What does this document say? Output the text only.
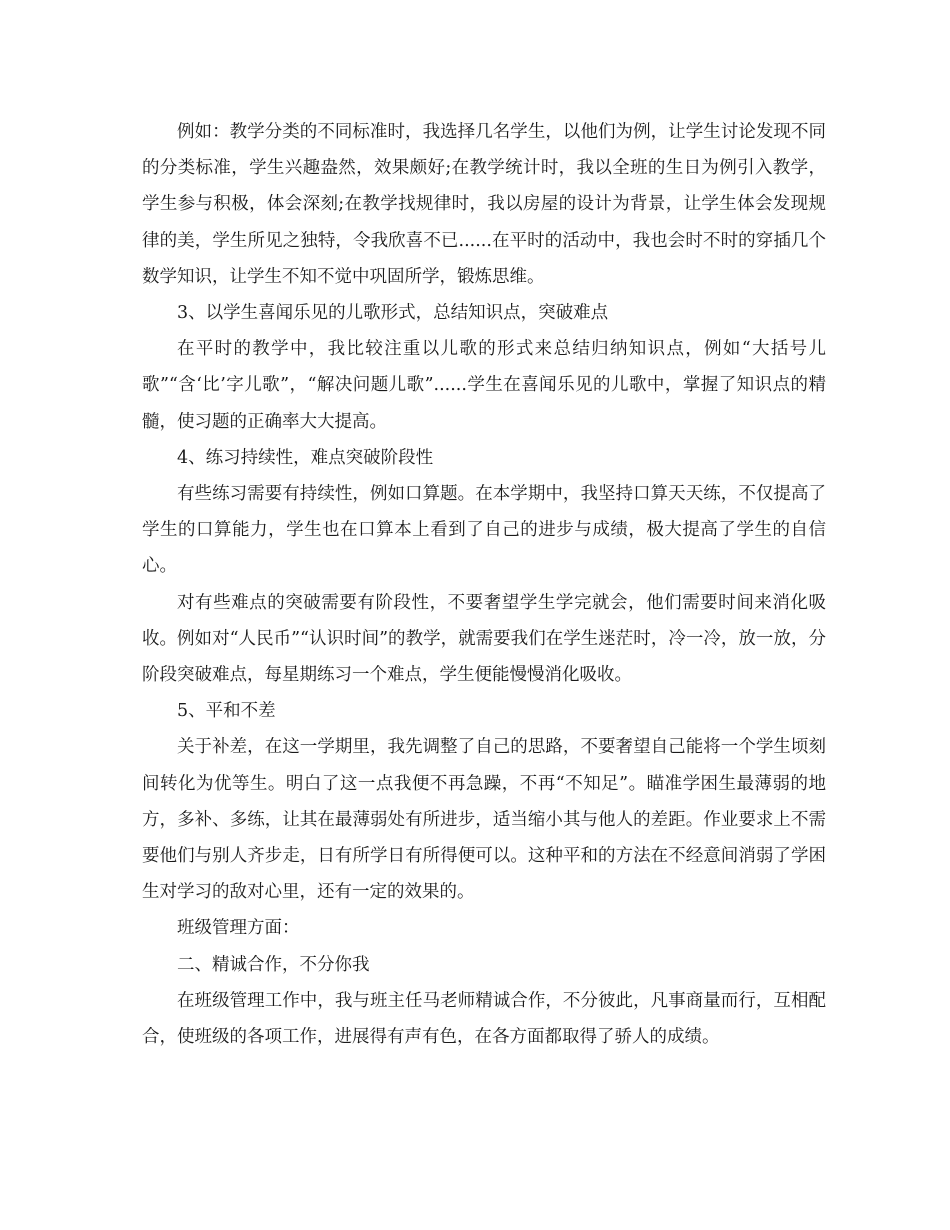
例如：教学分类的不同标准时，我选择几名学生，以他们为例，让学生讨论发现不同的分类标准，学生兴趣盎然，效果颇好;在教学统计时，我以全班的生日为例引入教学，学生参与积极，体会深刻;在教学找规律时，我以房屋的设计为背景，让学生体会发现规律的美，学生所见之独特，令我欣喜不已......在平时的活动中，我也会时不时的穿插几个数学知识，让学生不知不觉中巩固所学，锻炼思维。

3、以学生喜闻乐见的儿歌形式，总结知识点，突破难点

在平时的教学中，我比较注重以儿歌的形式来总结归纳知识点，例如“大括号儿歌”“含‘比’字儿歌”，“解决问题儿歌”......学生在喜闻乐见的儿歌中，掌握了知识点的精髓，使习题的正确率大大提高。

4、练习持续性，难点突破阶段性

有些练习需要有持续性，例如口算题。在本学期中，我坚持口算天天练，不仅提高了学生的口算能力，学生也在口算本上看到了自己的进步与成绩，极大提高了学生的自信心。

对有些难点的突破需要有阶段性，不要奢望学生学完就会，他们需要时间来消化吸收。例如对“人民币”“认识时间”的教学，就需要我们在学生迷茫时，冷一冷，放一放，分阶段突破难点，每星期练习一个难点，学生便能慢慢消化吸收。

5、平和不差

关于补差，在这一学期里，我先调整了自己的思路，不要奢望自己能将一个学生顷刻间转化为优等生。明白了这一点我便不再急躁，不再“不知足”。瞄准学困生最薄弱的地方，多补、多练，让其在最薄弱处有所进步，适当缩小其与他人的差距。作业要求上不需要他们与别人齐步走，日有所学日有所得便可以。这种平和的方法在不经意间消弱了学困生对学习的敌对心里，还有一定的效果的。

班级管理方面：

二、精诚合作，不分你我

在班级管理工作中，我与班主任马老师精诚合作，不分彼此，凡事商量而行，互相配合，使班级的各项工作，进展得有声有色，在各方面都取得了骄人的成绩。
